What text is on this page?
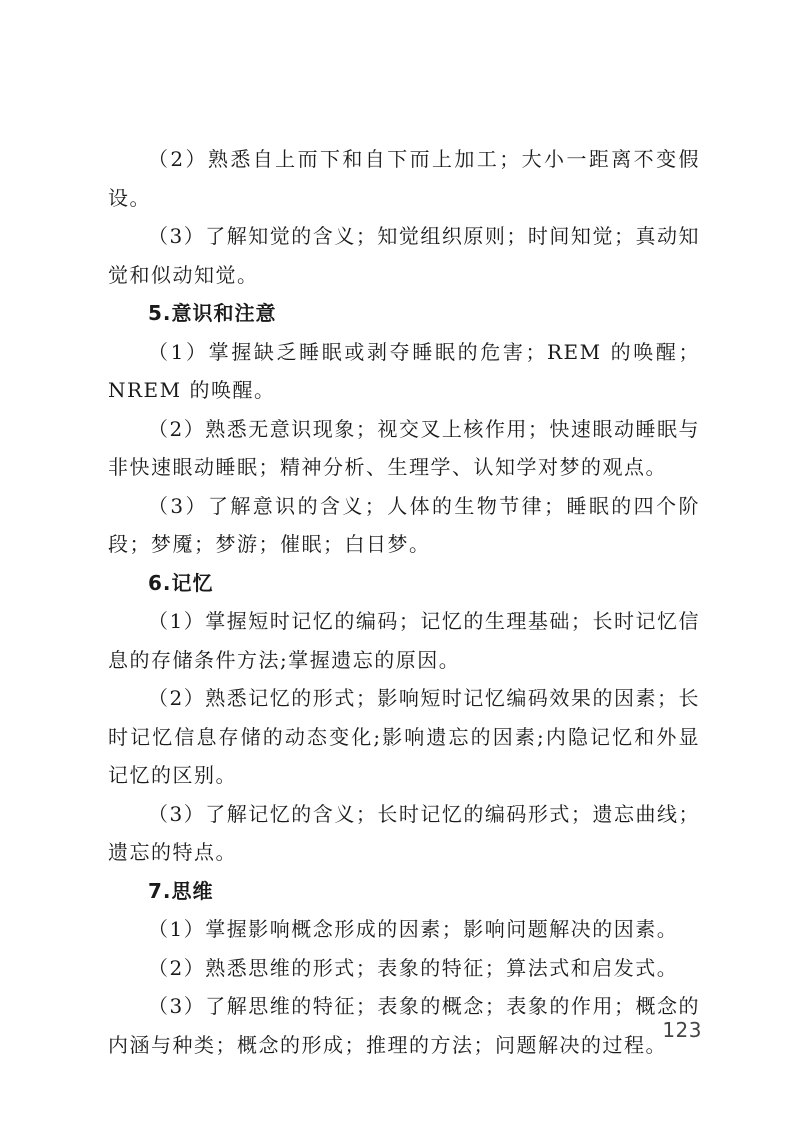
（2）熟悉自上而下和自下而上加工；大小一距离不变假设。

（3）了解知觉的含义；知觉组织原则；时间知觉；真动知觉和似动知觉。

5.意识和注意

（1）掌握缺乏睡眠或剥夺睡眠的危害；REM 的唤醒；NREM 的唤醒。

（2）熟悉无意识现象；视交叉上核作用；快速眼动睡眠与非快速眼动睡眠；精神分析、生理学、认知学对梦的观点。

（3）了解意识的含义；人体的生物节律；睡眠的四个阶段；梦魇；梦游；催眠；白日梦。

6.记忆

（1）掌握短时记忆的编码；记忆的生理基础；长时记忆信息的存储条件方法;掌握遗忘的原因。

（2）熟悉记忆的形式；影响短时记忆编码效果的因素；长时记忆信息存储的动态变化;影响遗忘的因素;内隐记忆和外显记忆的区别。

（3）了解记忆的含义；长时记忆的编码形式；遗忘曲线；遗忘的特点。

7.思维

（1）掌握影响概念形成的因素；影响问题解决的因素。

（2）熟悉思维的形式；表象的特征；算法式和启发式。

（3）了解思维的特征；表象的概念；表象的作用；概念的内涵与种类；概念的形成；推理的方法；问题解决的过程。

123
